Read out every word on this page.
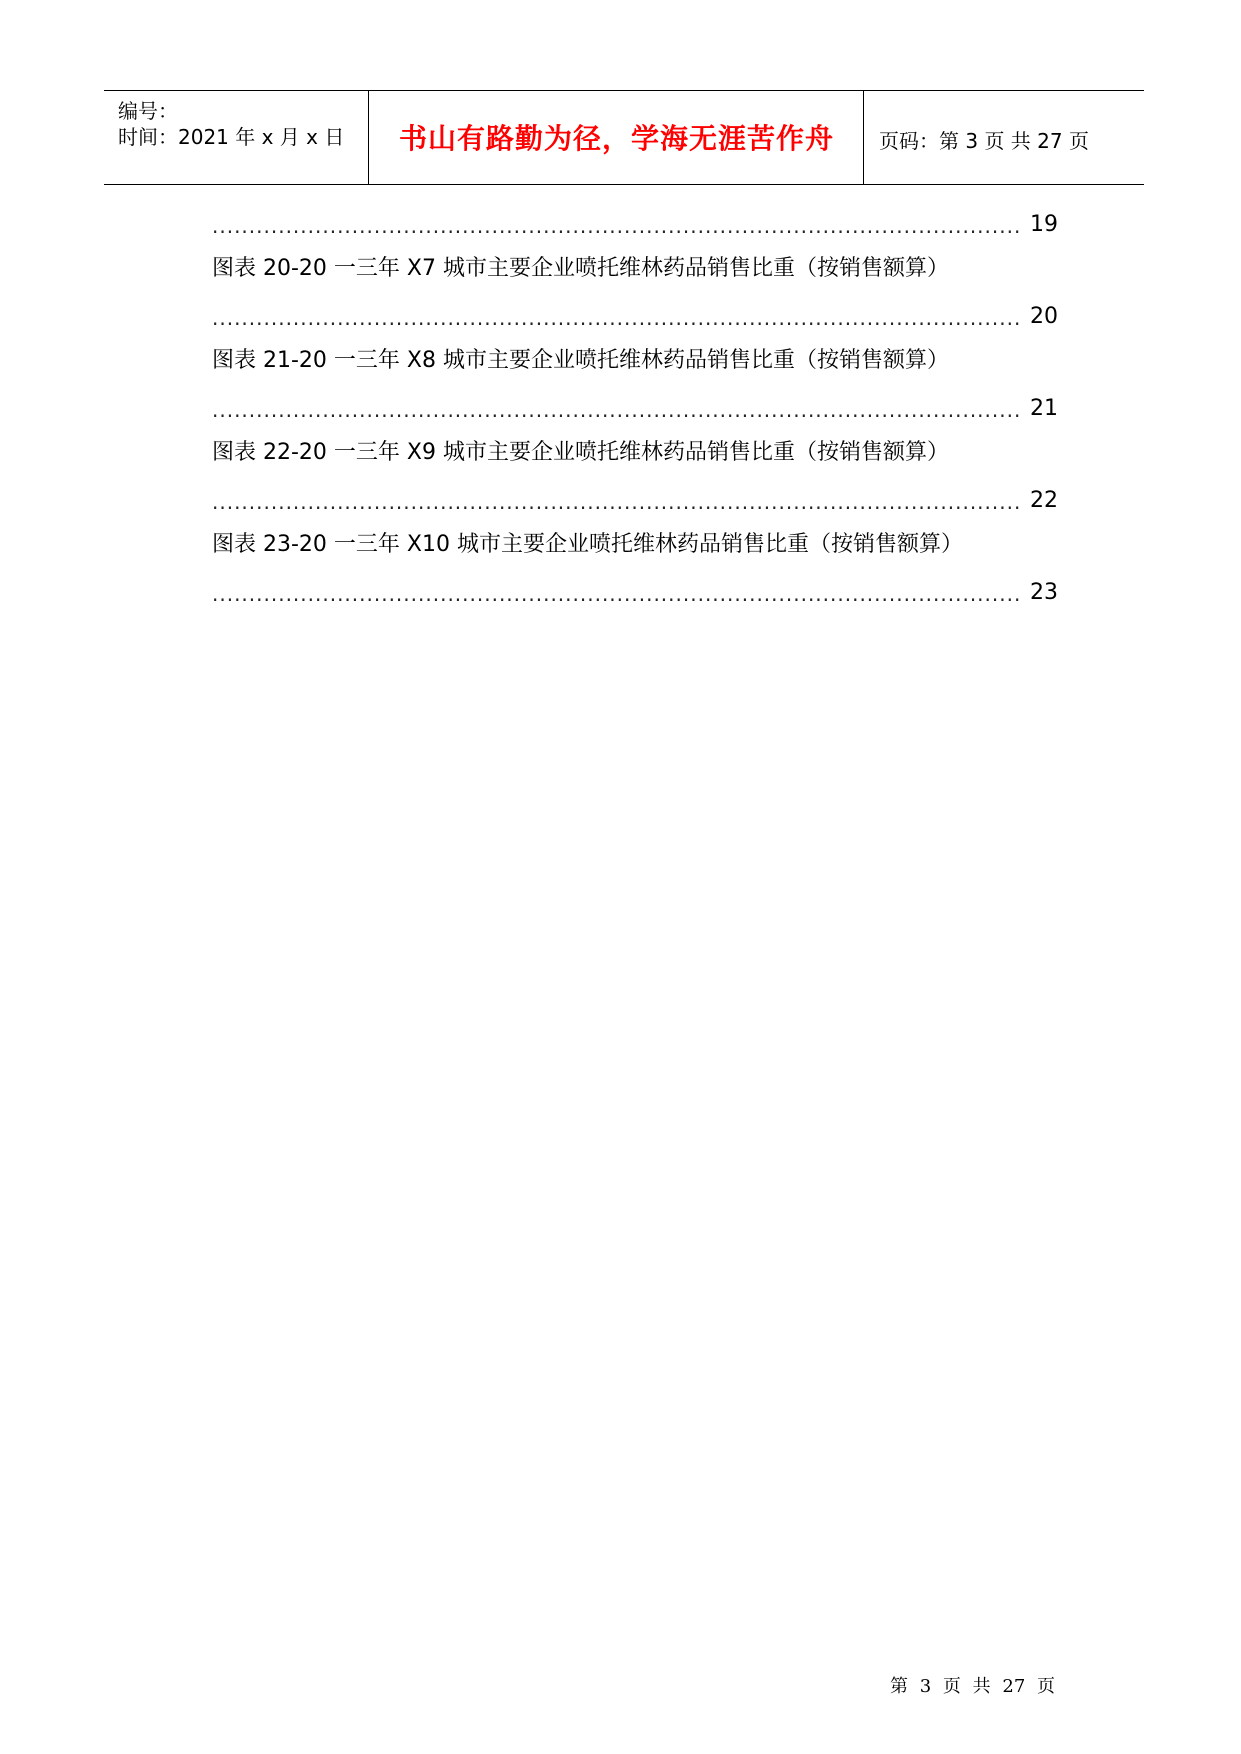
编号：
时间：2021 年 x 月 x 日	书山有路勤为径，学海无涯苦作舟	页码：第 3 页 共 27 页
.....
19
图表 20-20 一三年 X7 城市主要企业喷托维林药品销售比重（按销售额算）
.....
20
图表 21-20 一三年 X8 城市主要企业喷托维林药品销售比重（按销售额算）
.....
21
图表 22-20 一三年 X9 城市主要企业喷托维林药品销售比重（按销售额算）
.....
22
图表 23-20 一三年 X10 城市主要企业喷托维林药品销售比重（按销售额算）
.....
23
第 3 页 共 27 页
